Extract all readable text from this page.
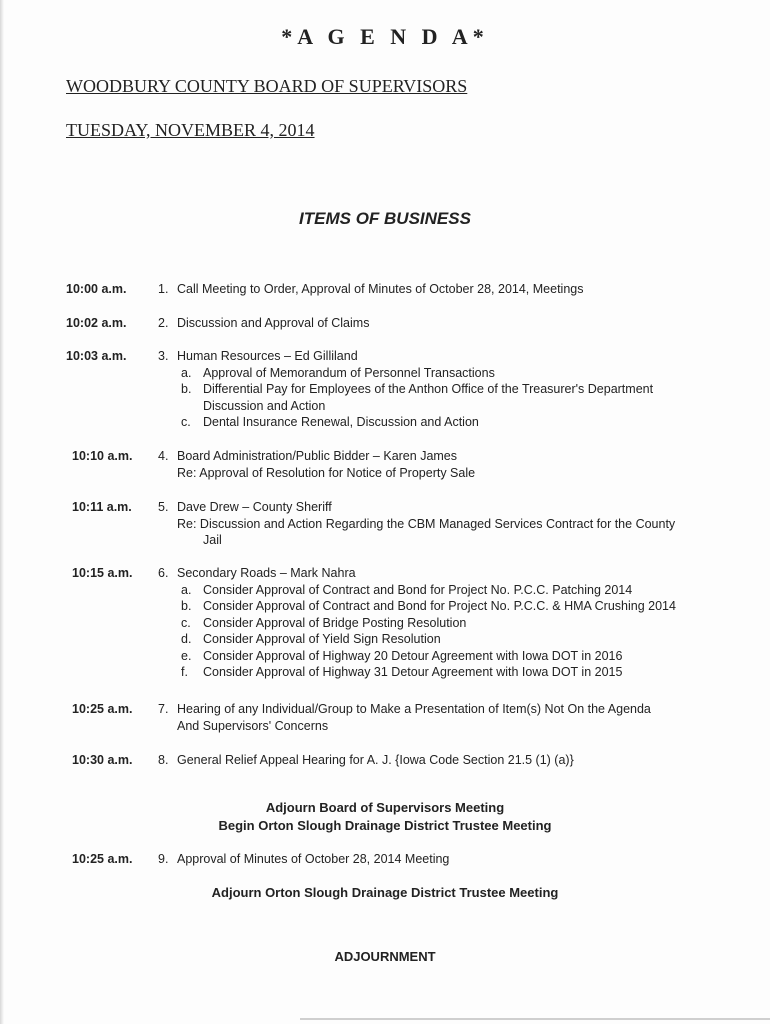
*A G E N D A*
WOODBURY COUNTY BOARD OF SUPERVISORS
TUESDAY, NOVEMBER 4, 2014
ITEMS OF BUSINESS
10:00 a.m.	1. Call Meeting to Order, Approval of Minutes of October 28, 2014, Meetings
10:02 a.m.	2. Discussion and Approval of Claims
10:03 a.m.	3. Human Resources – Ed Gilliland
a. Approval of Memorandum of Personnel Transactions
b. Differential Pay for Employees of the Anthon Office of the Treasurer's Department
Discussion and Action
c. Dental Insurance Renewal, Discussion and Action
10:10 a.m. 4. Board Administration/Public Bidder – Karen James
Re: Approval of Resolution for Notice of Property Sale
10:11 a.m. 5. Dave Drew – County Sheriff
Re: Discussion and Action Regarding the CBM Managed Services Contract for the County
Jail
10:15 a.m. 6. Secondary Roads – Mark Nahra
a. Consider Approval of Contract and Bond for Project No. P.C.C. Patching 2014
b. Consider Approval of Contract and Bond for Project No. P.C.C. & HMA Crushing 2014
c. Consider Approval of Bridge Posting Resolution
d. Consider Approval of Yield Sign Resolution
e. Consider Approval of Highway 20 Detour Agreement with Iowa DOT in 2016
f. Consider Approval of Highway 31 Detour Agreement with Iowa DOT in 2015
10:25 a.m. 7. Hearing of any Individual/Group to Make a Presentation of Item(s) Not On the Agenda
And Supervisors' Concerns
10:30 a.m. 8. General Relief Appeal Hearing for A. J. {Iowa Code Section 21.5 (1) (a)}
Adjourn Board of Supervisors Meeting
Begin Orton Slough Drainage District Trustee Meeting
10:25 a.m. 9. Approval of Minutes of October 28, 2014 Meeting
Adjourn Orton Slough Drainage District Trustee Meeting
ADJOURNMENT
